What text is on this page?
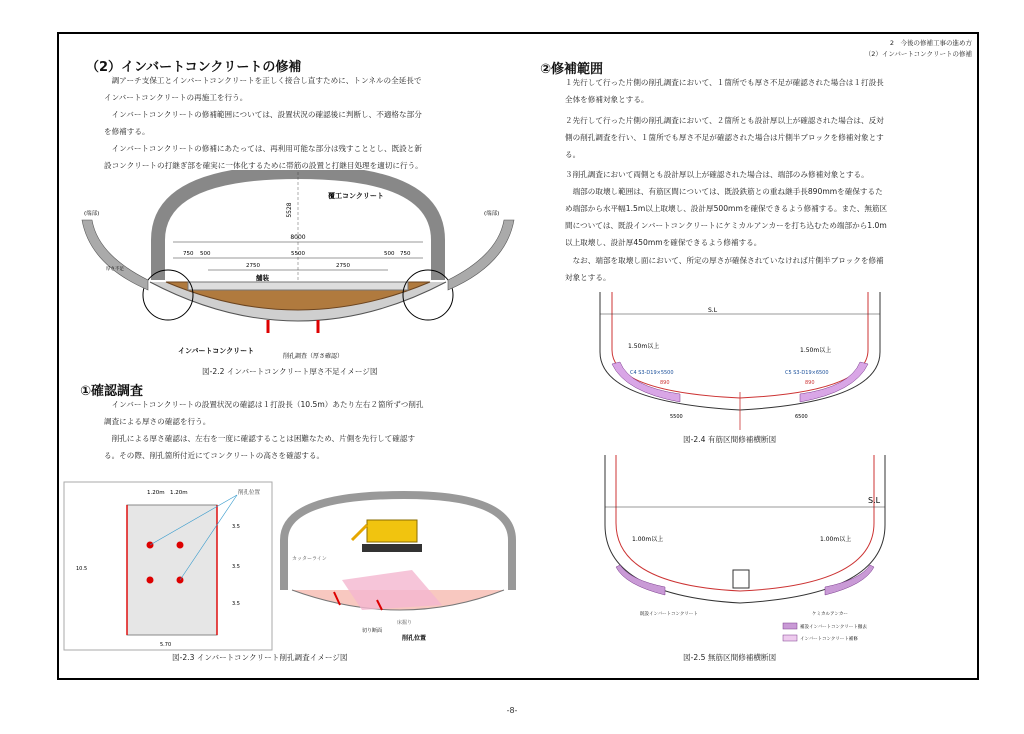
2　今後の修補工事の進め方
（2）インバートコンクリートの修補
（2）インバートコンクリートの修補
　調アーチ支保工とインバートコンクリートを正しく接合し直すために、トンネルの全延長で
インバートコンクリートの再施工を行う。
　インバートコンクリートの修補範囲については、設置状況の確認後に判断し、不適格な部分
を修補する。
　インバートコンクリートの修補にあたっては、再利用可能な部分は残すこととし、既設と新
設コンクリートの打継ぎ部を確実に一体化するために帯筋の設置と打継目処理を適切に行う。
8000
5528
750 500	5500	500 750
2750	2750
覆工コンクリート
舗装
インバートコンクリート
削孔調査（厚さ確認）
(端部)	(端部)
厚さ不足
図-2.2 インバートコンクリート厚さ不足イメージ図
①確認調査
　インバートコンクリートの設置状況の確認は１打設長（10.5m）あたり左右２箇所ずつ削孔
調査による厚さの確認を行う。
　削孔による厚さ確認は、左右を一度に確認することは困難なため、片側を先行して確認す
る。その際、削孔箇所付近にてコンクリートの高さを確認する。
1.20m 1.20m	削孔位置
10.5
3.5
3.5
3.5
5.70
カッターライン
切り断面
床掘り
削孔位置
図-2.3 インバートコンクリート削孔調査イメージ図
②修補範囲
１先行して行った片側の削孔調査において、１箇所でも厚さ不足が確認された場合は１打設長
全体を修補対象とする。
２先行して行った片側の削孔調査において、２箇所とも設計厚以上が確認された場合は、反対
側の削孔調査を行い、１箇所でも厚さ不足が確認された場合は片側半ブロックを修補対象とす
る。
３削孔調査において両側とも設計厚以上が確認された場合は、端部のみ修補対象とする。
　端部の取壊し範囲は、有筋区間については、既設鉄筋との重ね継手長890mmを確保するた
め端部から水平幅1.5m以上取壊し、設計厚500mmを確保できるよう修補する。また、無筋区
間については、既設インバートコンクリートにケミカルアンカーを打ち込むため端部から1.0m
以上取壊し、設計厚450mmを確保できるよう修補する。
　なお、端部を取壊し面において、所定の厚さが確保されていなければ片側半ブロックを修補
対象とする。
S.L
1.50m以上
1.50m以上
890	890
C4 S3-D19×5500	C5 S3-D19×6500
5500	6500
図-2.4 有筋区間修補横断図
S.L
1.00m以上	1.00m以上
既設インバートコンクリート	ケミカルアンカー
補設インバートコンクリート撤去
インバートコンクリート補修
図-2.5 無筋区間修補横断図
-8-
